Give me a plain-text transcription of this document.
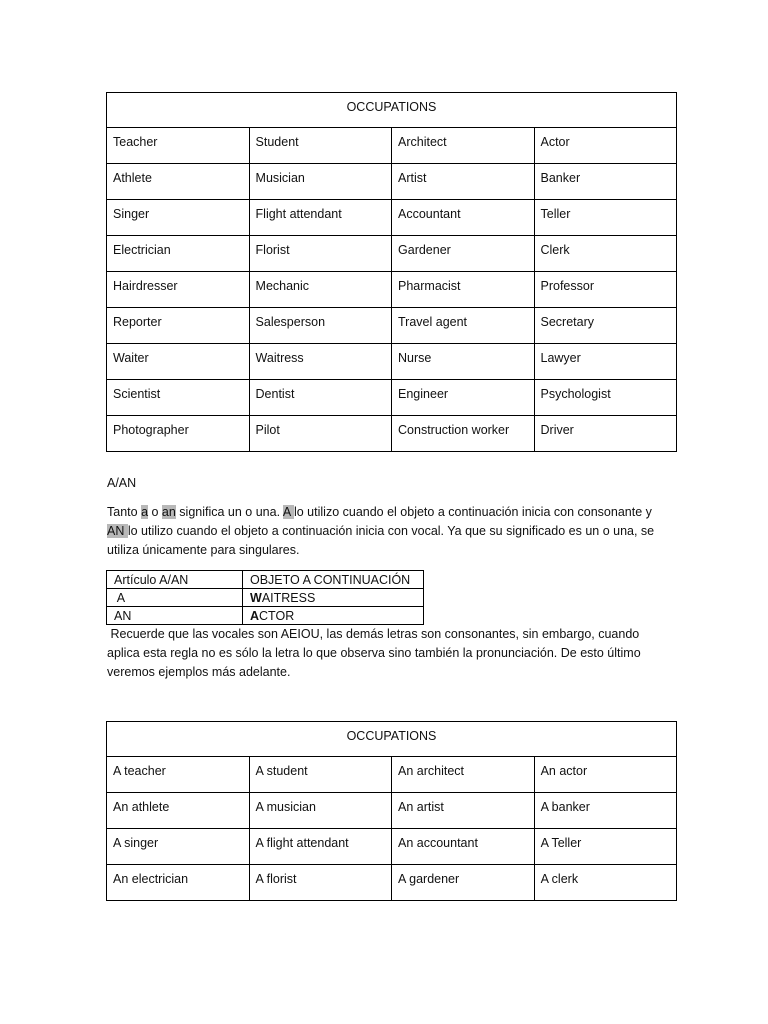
OCCUPATIONS			
Teacher	Student	Architect	Actor
Athlete	Musician	Artist	Banker
Singer	Flight attendant	Accountant	Teller
Electrician	Florist	Gardener	Clerk
Hairdresser	Mechanic	Pharmacist	Professor
Reporter	Salesperson	Travel agent	Secretary
Waiter	Waitress	Nurse	Lawyer
Scientist	Dentist	Engineer	Psychologist
Photographer	Pilot	Construction worker	Driver
A/AN
Tanto a o an significa un o una. A lo utilizo cuando el objeto a continuación inicia con consonante y
AN lo utilizo cuando el objeto a continuación inicia con vocal. Ya que su significado es un o una, se
utiliza únicamente para singulares.
Artículo A/AN	OBJETO A CONTINUACIÓN
A	WAITRESS
AN	ACTOR
Recuerde que las vocales son AEIOU, las demás letras son consonantes, sin embargo, cuando
aplica esta regla no es sólo la letra lo que observa sino también la pronunciación. De esto último
veremos ejemplos más adelante.
OCCUPATIONS			
A teacher	A student	An architect	An actor
An athlete	A musician	An artist	A banker
A singer	A flight attendant	An accountant	A Teller
An electrician	A florist	A gardener	A clerk
